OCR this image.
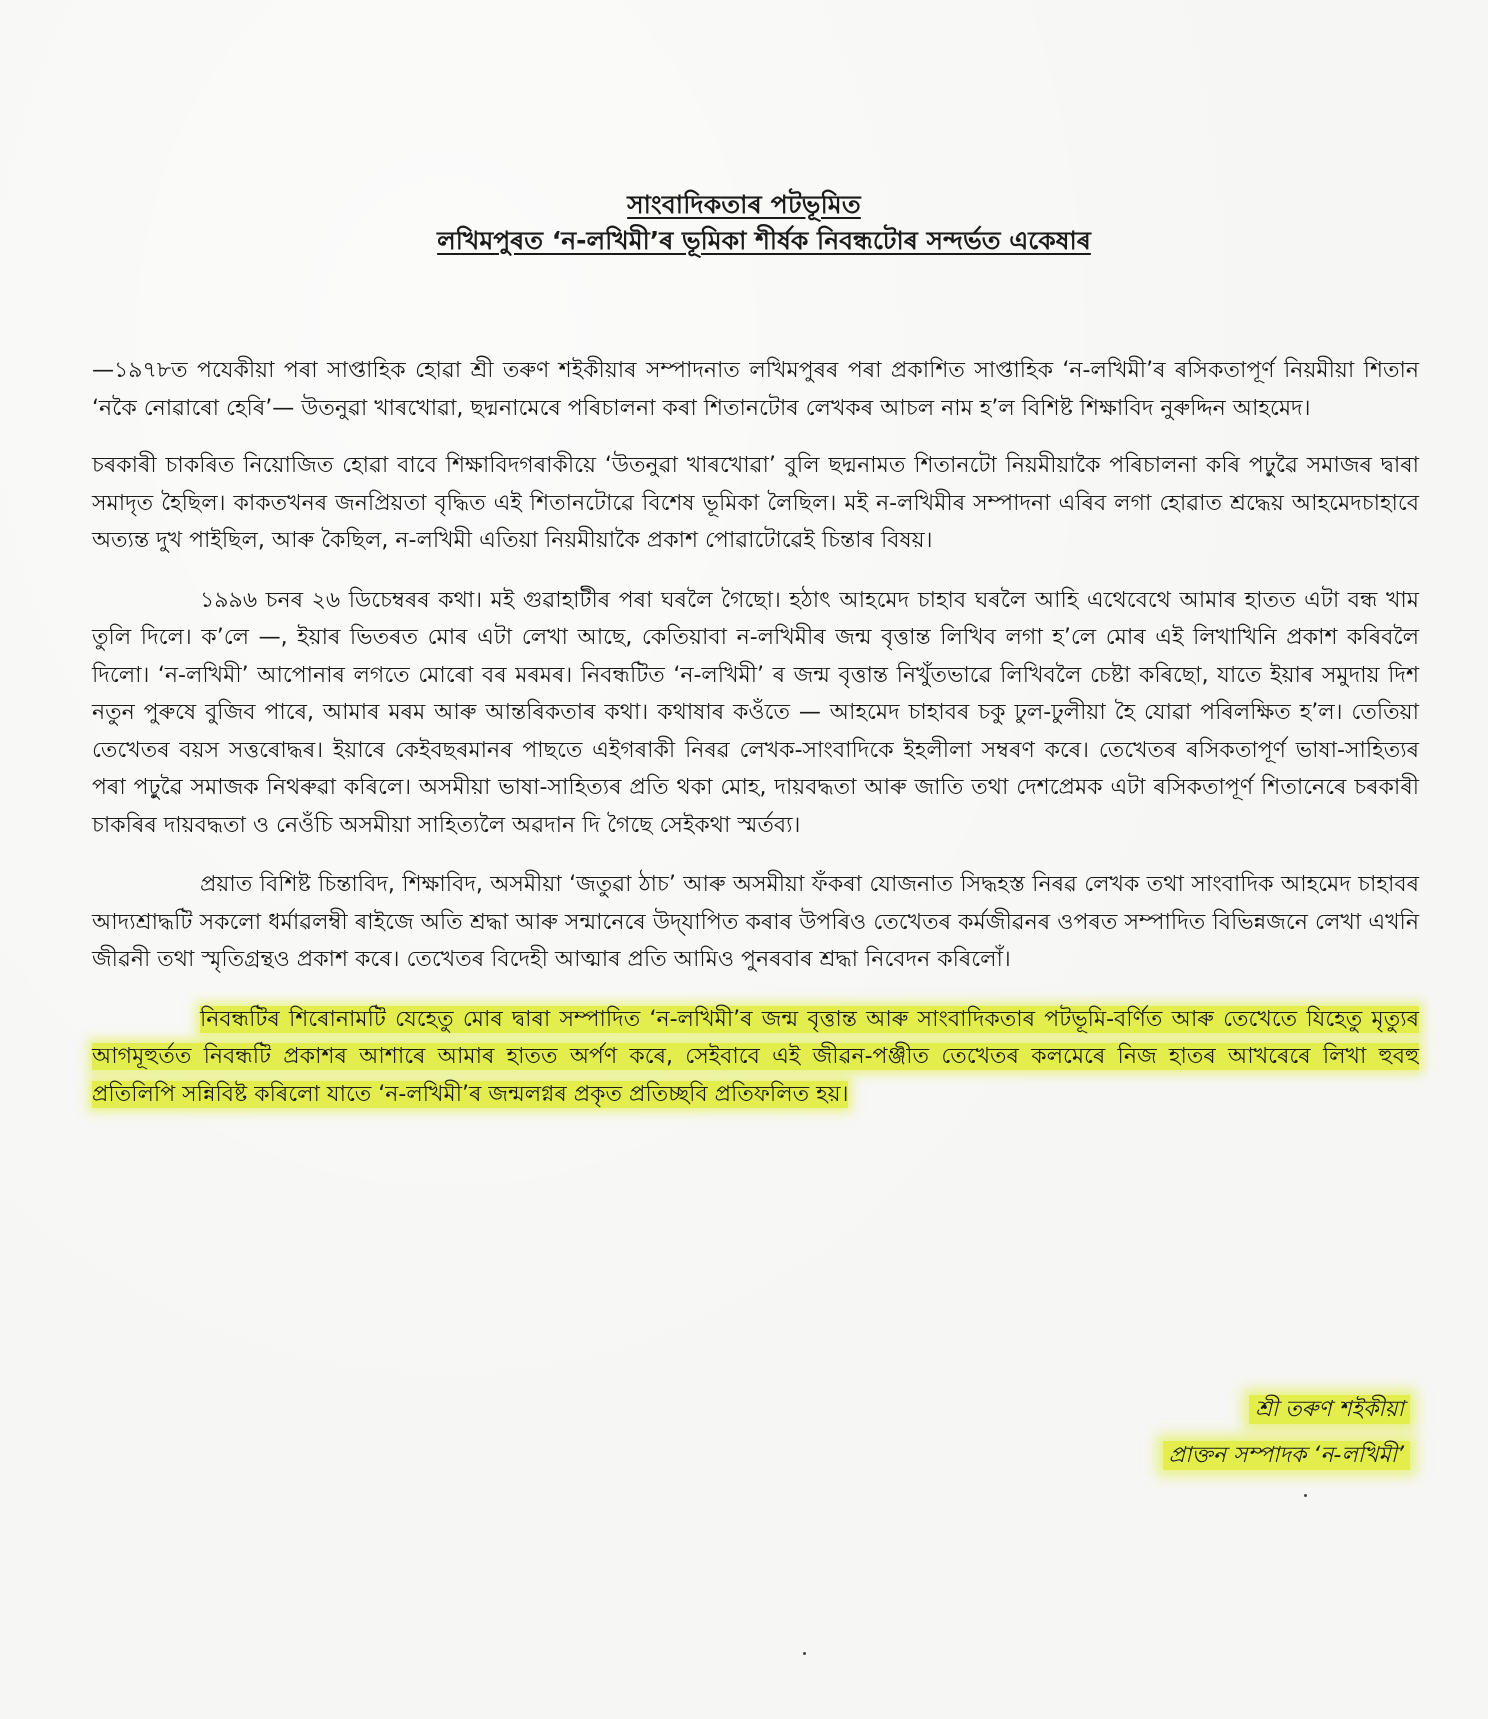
সাংবাদিকতাৰ পটভূমিত
লখিমপুৰত ‘ন-লখিমী’ৰ ভূমিকা শীৰ্ষক নিবন্ধটোৰ সন্দৰ্ভত একেষাৰ

—১৯৭৮ত পযেকীয়া পৰা সাপ্তাহিক হোৱা শ্ৰী তৰুণ শইকীয়াৰ সম্পাদনাত লখিমপুৰৰ পৰা প্ৰকাশিত সাপ্তাহিক ‘ন-লখিমী’ৰ ৰসিকতাপূৰ্ণ নিয়মীয়া শিতান ‘নকৈ নোৱাৰো হেৰি’— উতনুৱা খাৰখোৱা, ছদ্মনামেৰে পৰিচালনা কৰা শিতানটোৰ লেখকৰ আচল নাম হ’ল বিশিষ্ট শিক্ষাবিদ নুৰুদ্দিন আহমেদ।

চৰকাৰী চাকৰিত নিয়োজিত হোৱা বাবে শিক্ষাবিদগৰাকীয়ে ‘উতনুৱা খাৰখোৱা’ বুলি ছদ্মনামত শিতানটো নিয়মীয়াকৈ পৰিচালনা কৰি পঢ়ুৱৈ সমাজৰ দ্বাৰা সমাদৃত হৈছিল। কাকতখনৰ জনপ্ৰিয়তা বৃদ্ধিত এই শিতানটোৱে বিশেষ ভূমিকা লৈছিল। মই ন-লখিমীৰ সম্পাদনা এৰিব লগা হোৱাত শ্ৰদ্ধেয় আহমেদচাহাবে অত্যন্ত দুখ পাইছিল, আৰু কৈছিল, ন-লখিমী এতিয়া নিয়মীয়াকৈ প্ৰকাশ পোৱাটোৱেই চিন্তাৰ বিষয়।

১৯৯৬ চনৰ ২৬ ডিচেম্বৰৰ কথা। মই গুৱাহাটীৰ পৰা ঘৰলৈ গৈছো। হঠাৎ আহমেদ চাহাব ঘৰলৈ আহি এথেবেথে আমাৰ হাতত এটা বন্ধ খাম তুলি দিলে। ক’লে —, ইয়াৰ ভিতৰত মোৰ এটা লেখা আছে, কেতিয়াবা ন-লখিমীৰ জন্ম বৃত্তান্ত লিখিব লগা হ’লে মোৰ এই লিখাখিনি প্ৰকাশ কৰিবলৈ দিলো। ‘ন-লখিমী’ আপোনাৰ লগতে মোৰো বৰ মৰমৰ। নিবন্ধটিত ‘ন-লখিমী’ ৰ জন্ম বৃত্তান্ত নিখুঁতভাৱে লিখিবলৈ চেষ্টা কৰিছো, যাতে ইয়াৰ সমুদায় দিশ নতুন পুৰুষে বুজিব পাৰে, আমাৰ মৰম আৰু আন্তৰিকতাৰ কথা। কথাষাৰ কওঁতে — আহমেদ চাহাবৰ চকু ঢুল-ঢুলীয়া হৈ যোৱা পৰিলক্ষিত হ’ল। তেতিয়া তেখেতৰ বয়স সত্তৰোদ্ধৰ। ইয়াৰে কেইবছৰমানৰ পাছতে এইগৰাকী নিৰৱ লেখক-সাংবাদিকে ইহলীলা সম্বৰণ কৰে। তেখেতৰ ৰসিকতাপূৰ্ণ ভাষা-সাহিত্যৰ পৰা পঢ়ুৱৈ সমাজক নিথৰুৱা কৰিলে। অসমীয়া ভাষা-সাহিত্যৰ প্ৰতি থকা মোহ, দায়বদ্ধতা আৰু জাতি তথা দেশপ্ৰেমক এটা ৰসিকতাপূৰ্ণ শিতানেৰে চৰকাৰী চাকৰিৰ দায়বদ্ধতা ও নেওঁচি অসমীয়া সাহিত্যলৈ অৱদান দি গৈছে সেইকথা স্মৰ্তব্য।

প্ৰয়াত বিশিষ্ট চিন্তাবিদ, শিক্ষাবিদ, অসমীয়া ‘জতুৱা ঠাচ’ আৰু অসমীয়া ফঁকৰা যোজনাত সিদ্ধহস্ত নিৰৱ লেখক তথা সাংবাদিক আহমেদ চাহাবৰ আদ্যশ্ৰাদ্ধটি সকলো ধৰ্মাৱলম্বী ৰাইজে অতি শ্ৰদ্ধা আৰু সন্মানেৰে উদ্‌যাপিত কৰাৰ উপৰিও তেখেতৰ কৰ্মজীৱনৰ ওপৰত সম্পাদিত বিভিন্নজনে লেখা এখনি জীৱনী তথা স্মৃতিগ্ৰন্থও প্ৰকাশ কৰে। তেখেতৰ বিদেহী আত্মাৰ প্ৰতি আমিও পুনৰবাৰ শ্ৰদ্ধা নিবেদন কৰিলোঁ।

নিবন্ধটিৰ শিৰোনামটি যেহেতু মোৰ দ্বাৰা সম্পাদিত ‘ন-লখিমী’ৰ জন্ম বৃত্তান্ত আৰু সাংবাদিকতাৰ পটভূমি-বৰ্ণিত আৰু তেখেতে যিহেতু মৃত্যুৰ আগমূহুৰ্তত নিবন্ধটি প্ৰকাশৰ আশাৰে আমাৰ হাতত অৰ্পণ কৰে, সেইবাবে এই জীৱন-পঞ্জীত তেখেতৰ কলমেৰে নিজ হাতৰ আখৰেৰে লিখা হুবহু প্ৰতিলিপি সন্নিবিষ্ট কৰিলো যাতে ‘ন-লখিমী’ৰ জন্মলগ্নৰ প্ৰকৃত প্ৰতিচ্ছবি প্ৰতিফলিত হয়।

শ্ৰী তৰুণ শইকীয়া
প্ৰাক্তন সম্পাদক ‘ন-লখিমী’
